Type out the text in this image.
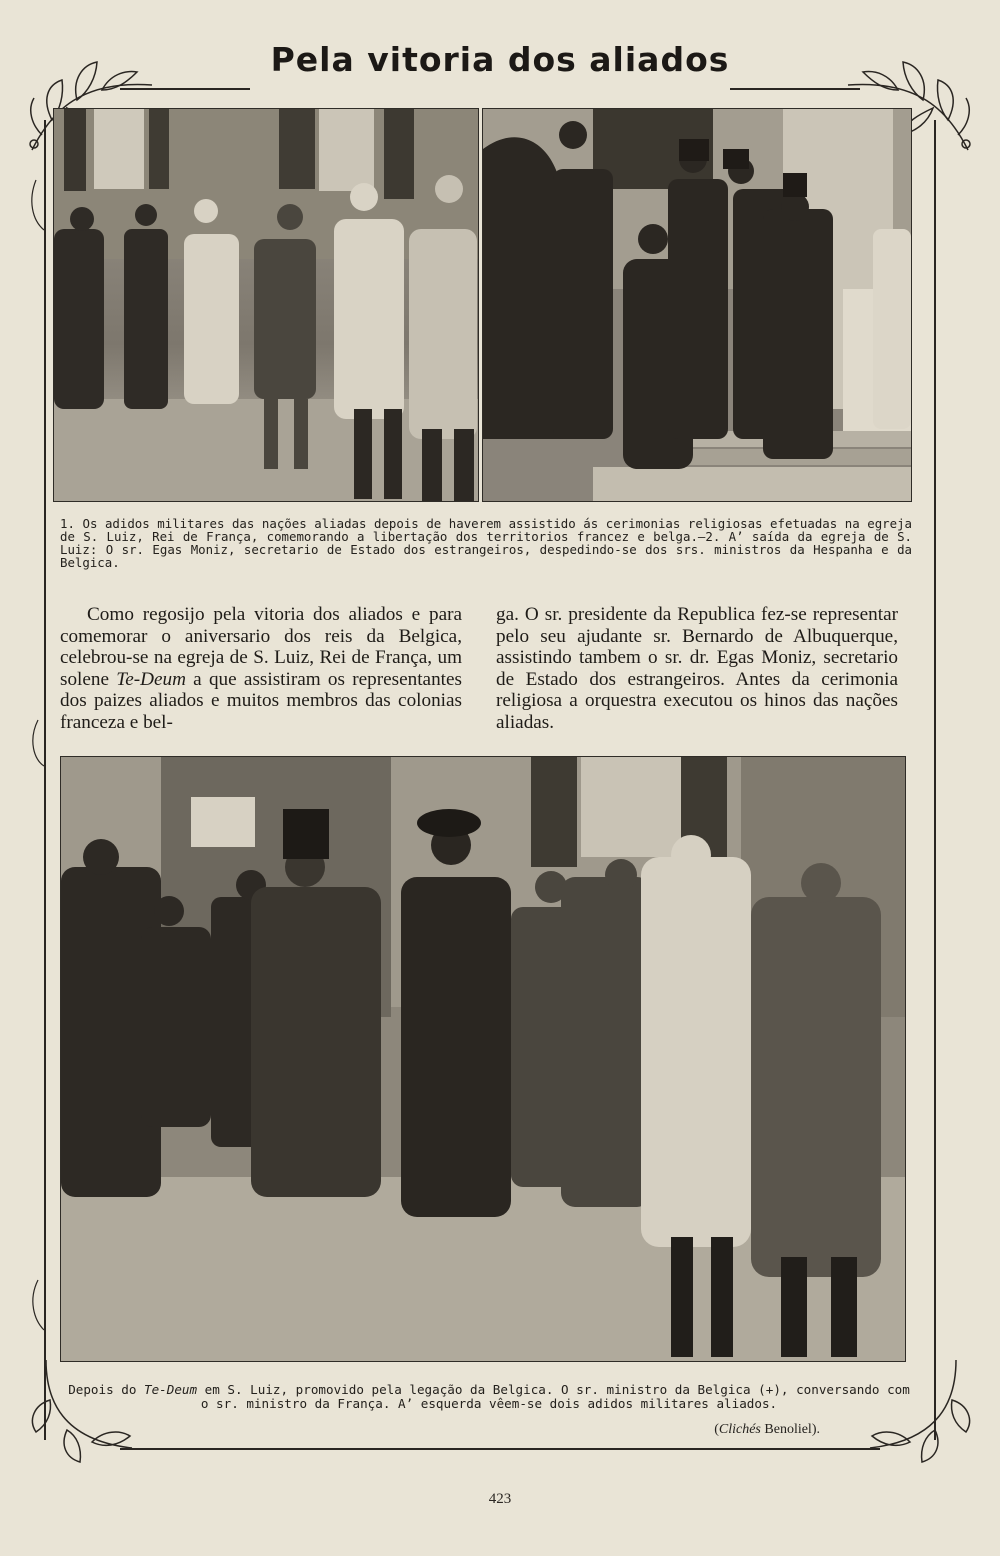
Pela vitoria dos aliados
1. Os adidos militares das nações aliadas depois de haverem assistido ás cerimonias religiosas efetuadas na egreja de S. Luiz, Rei de França, comemorando a libertação dos territorios francez e belga.—2. A’ saída da egreja de S. Luiz: O sr. Egas Moniz, secretario de Estado dos estrangeiros, despedindo-se dos srs. ministros da Hespanha e da Belgica.
Como regosijo pela vitoria dos aliados e para comemorar o aniversario dos reis da Belgica, celebrou-se na egreja de S. Luiz, Rei de França, um solene Te-Deum a que assistiram os representantes dos paizes aliados e muitos membros das colonias franceza e bel-
ga. O sr. presidente da Republica fez-se representar pelo seu ajudante sr. Bernardo de Albuquerque, assistindo tambem o sr. dr. Egas Moniz, secretario de Estado dos estrangeiros. Antes da cerimonia religiosa a orquestra executou os hinos das nações aliadas.
Depois do Te-Deum em S. Luiz, promovido pela legação da Belgica. O sr. ministro da Belgica (+), conversando com o sr. ministro da França. A’ esquerda vêem-se dois adidos militares aliados.
(Clichés Benoliel).
423
